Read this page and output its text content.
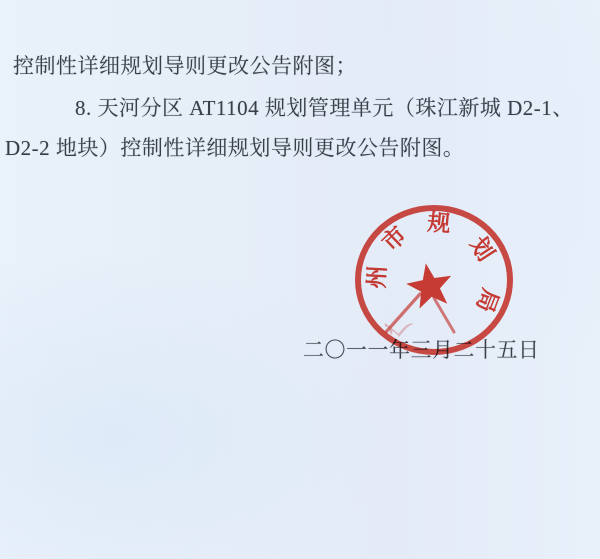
控制性详细规划导则更改公告附图；
8. 天河分区 AT1104 规划管理单元（珠江新城 D2-1、
D2-2 地块）控制性详细规划导则更改公告附图。
二〇一一年三月二十五日
广
州
市 规
划
局
